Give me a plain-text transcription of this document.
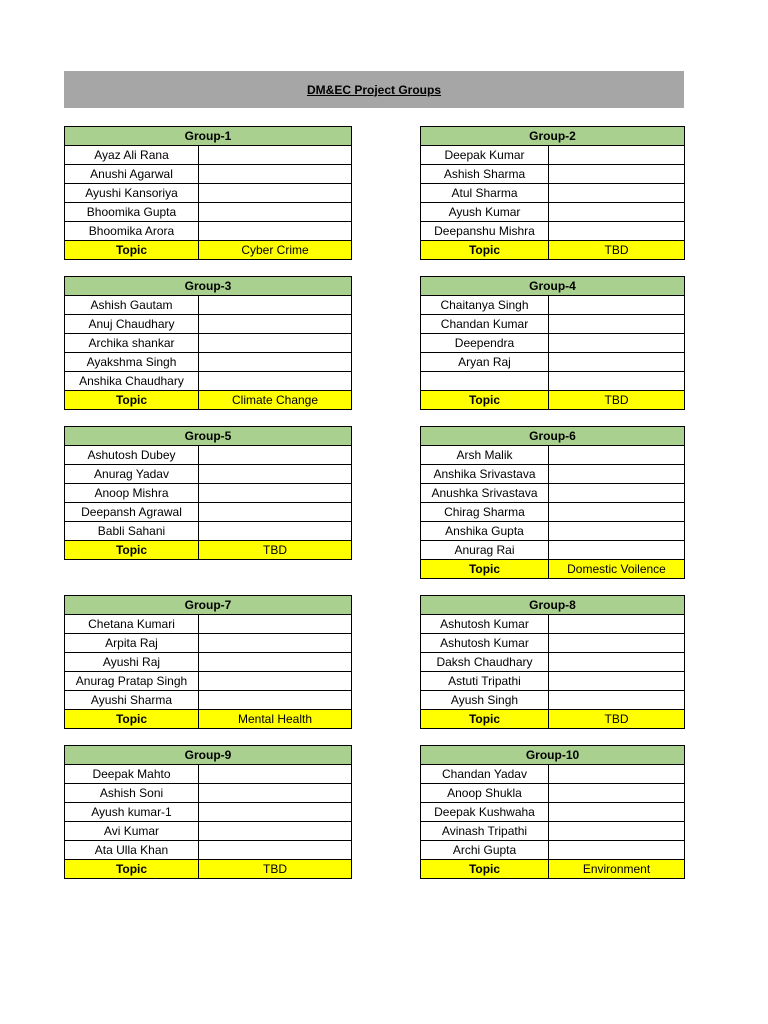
DM&EC Project Groups
Group-1	
Ayaz Ali Rana	
Anushi Agarwal	
Ayushi Kansoriya	
Bhoomika Gupta	
Bhoomika Arora	
Topic	Cyber Crime
Group-2	
Deepak Kumar	
Ashish Sharma	
Atul Sharma	
Ayush Kumar	
Deepanshu Mishra	
Topic	TBD
Group-3	
Ashish Gautam	
Anuj Chaudhary	
Archika shankar	
Ayakshma Singh	
Anshika Chaudhary	
Topic	Climate Change
Group-4	
Chaitanya Singh	
Chandan Kumar	
Deependra	
Aryan Raj	

Topic	TBD
Group-5	
Ashutosh Dubey	
Anurag Yadav	
Anoop Mishra	
Deepansh Agrawal	
Babli Sahani	
Topic	TBD
Group-6	
Arsh Malik	
Anshika Srivastava	
Anushka Srivastava	
Chirag Sharma	
Anshika Gupta	
Anurag Rai	
Topic	Domestic Voilence
Group-7	
Chetana Kumari	
Arpita Raj	
Ayushi Raj	
Anurag Pratap Singh	
Ayushi Sharma	
Topic	Mental Health
Group-8	
Ashutosh Kumar	
Ashutosh Kumar	
Daksh Chaudhary	
Astuti Tripathi	
Ayush Singh	
Topic	TBD
Group-9	
Deepak Mahto	
Ashish Soni	
Ayush kumar-1	
Avi Kumar	
Ata Ulla Khan	
Topic	TBD
Group-10	
Chandan Yadav	
Anoop Shukla	
Deepak Kushwaha	
Avinash Tripathi	
Archi Gupta	
Topic	Environment
